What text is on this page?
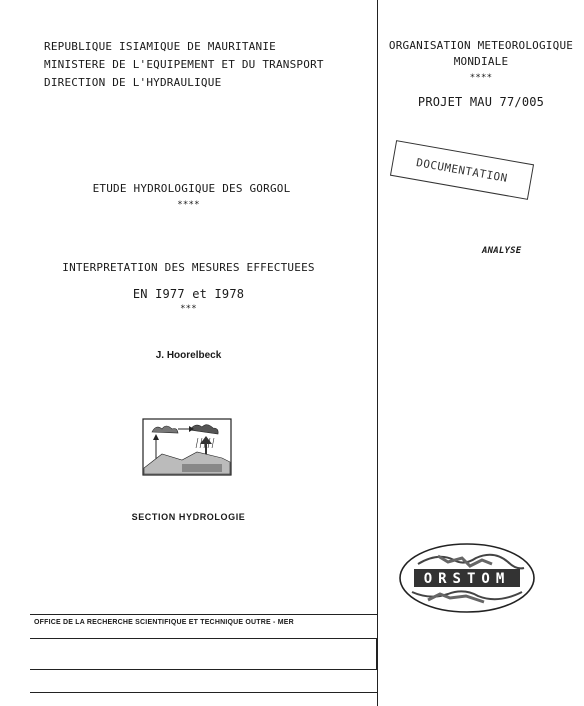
REPUBLIQUE ISIAMIQUE DE MAURITANIE
MINISTERE DE L'EQUIPEMENT ET DU TRANSPORT
DIRECTION DE L'HYDRAULIQUE
ORGANISATION METEOROLOGIQUE
MONDIALE
****
PROJET MAU 77/005
DOCUMENTATION
ANALYSE
ETUDE HYDROLOGIQUE DES GORGOL
****
INTERPRETATION DES MESURES EFFECTUEES
EN I977 et I978
***
J. Hoorelbeck
SECTION HYDROLOGIE
ORSTOM
OFFICE DE LA RECHERCHE SCIENTIFIQUE ET TECHNIQUE OUTRE - MER
